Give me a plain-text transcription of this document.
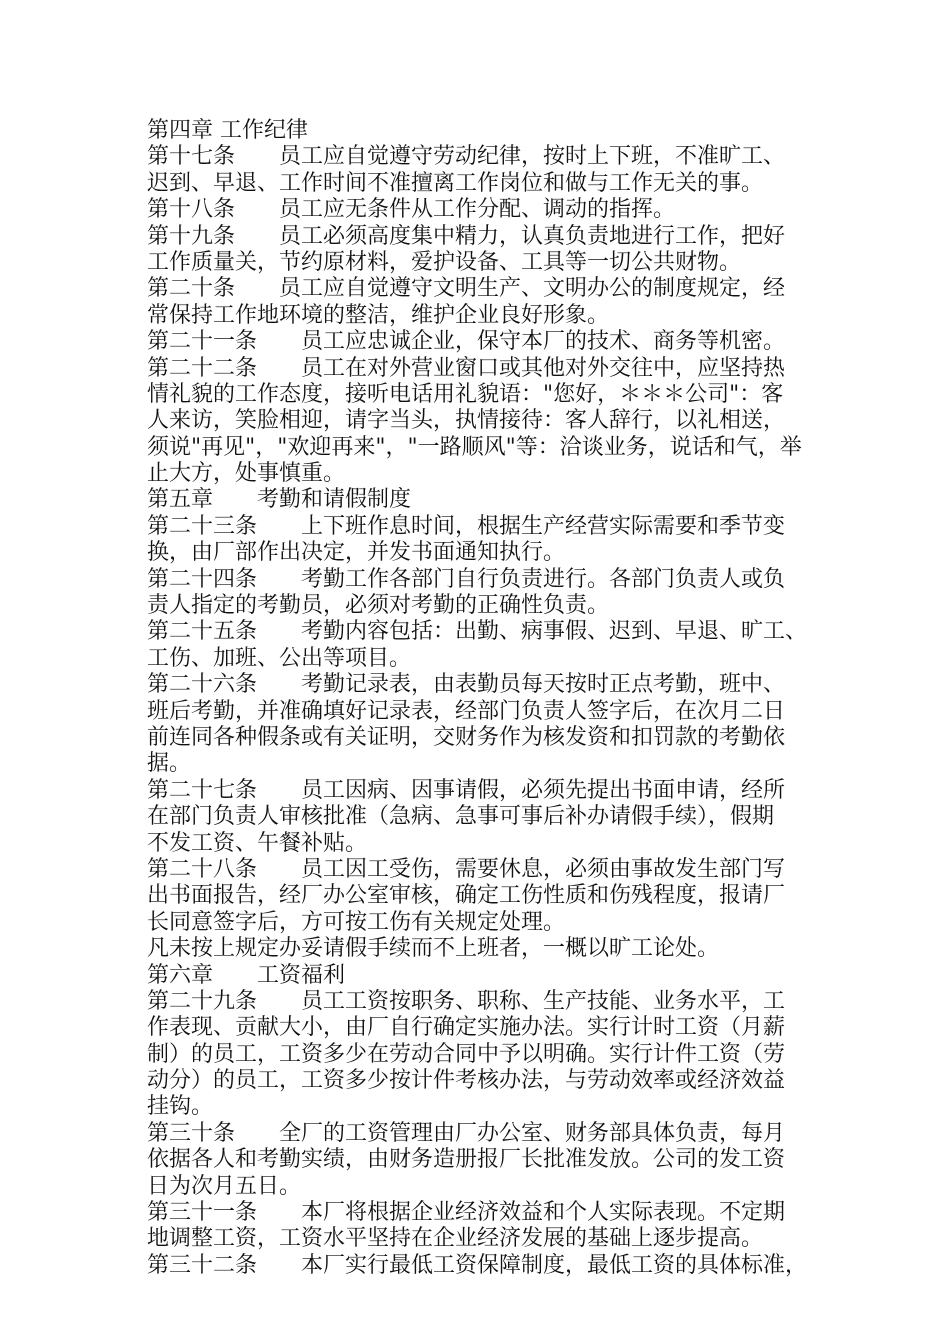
第四章 工作纪律
第十七条　　员工应自觉遵守劳动纪律，按时上下班，不准旷工、
迟到、早退、工作时间不准擅离工作岗位和做与工作无关的事。
第十八条　　员工应无条件从工作分配、调动的指挥。
第十九条　　员工必须高度集中精力，认真负责地进行工作，把好
工作质量关，节约原材料，爱护设备、工具等一切公共财物。
第二十条　　员工应自觉遵守文明生产、文明办公的制度规定，经
常保持工作地环境的整洁，维护企业良好形象。
第二十一条　　员工应忠诚企业，保守本厂的技术、商务等机密。
第二十二条　　员工在对外营业窗口或其他对外交往中，应坚持热
情礼貌的工作态度，接听电话用礼貌语："您好，＊＊＊公司"：客
人来访，笑脸相迎，请字当头，执情接待：客人辞行，以礼相送，
须说"再见"，"欢迎再来"，"一路顺风"等：洽谈业务，说话和气，举
止大方，处事慎重。
第五章　　考勤和请假制度
第二十三条　　上下班作息时间，根据生产经营实际需要和季节变
换，由厂部作出决定，并发书面通知执行。
第二十四条　　考勤工作各部门自行负责进行。各部门负责人或负
责人指定的考勤员，必须对考勤的正确性负责。
第二十五条　　考勤内容包括：出勤、病事假、迟到、早退、旷工、
工伤、加班、公出等项目。
第二十六条　　考勤记录表，由表勤员每天按时正点考勤，班中、
班后考勤，并准确填好记录表，经部门负责人签字后，在次月二日
前连同各种假条或有关证明，交财务作为核发资和扣罚款的考勤依
据。
第二十七条　　员工因病、因事请假，必须先提出书面申请，经所
在部门负责人审核批准（急病、急事可事后补办请假手续），假期
不发工资、午餐补贴。
第二十八条　　员工因工受伤，需要休息，必须由事故发生部门写
出书面报告，经厂办公室审核，确定工伤性质和伤残程度，报请厂
长同意签字后，方可按工伤有关规定处理。
凡未按上规定办妥请假手续而不上班者，一概以旷工论处。
第六章　　工资福利
第二十九条　　员工工资按职务、职称、生产技能、业务水平，工
作表现、贡献大小，由厂自行确定实施办法。实行计时工资（月薪
制）的员工，工资多少在劳动合同中予以明确。实行计件工资（劳
动分）的员工，工资多少按计件考核办法，与劳动效率或经济效益
挂钩。
第三十条　　全厂的工资管理由厂办公室、财务部具体负责，每月
依据各人和考勤实绩，由财务造册报厂长批准发放。公司的发工资
日为次月五日。
第三十一条　　本厂将根据企业经济效益和个人实际表现。不定期
地调整工资，工资水平坚持在企业经济发展的基础上逐步提高。
第三十二条　　本厂实行最低工资保障制度，最低工资的具体标准，
